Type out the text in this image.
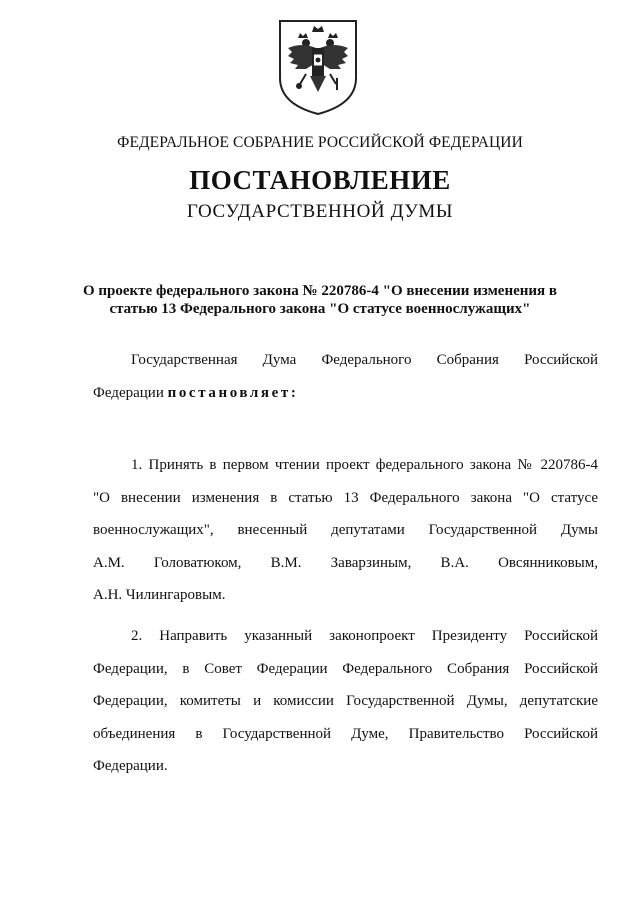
ФЕДЕРАЛЬНОЕ СОБРАНИЕ РОССИЙСКОЙ ФЕДЕРАЦИИ
ПОСТАНОВЛЕНИЕ
ГОСУДАРСТВЕННОЙ ДУМЫ
О проекте федерального закона № 220786-4 "О внесении изменения в
статью 13 Федерального закона "О статусе военнослужащих"
Государственная Дума Федерального Собрания Российской
Федерации постановляет:
1. Принять в первом чтении проект федерального закона № 220786-4
"О внесении изменения в статью 13 Федерального закона "О статусе
военнослужащих", внесенный депутатами Государственной Думы
А.М. Головатюком, В.М. Заварзиным, В.А. Овсянниковым,
А.Н. Чилингаровым.
2. Направить указанный законопроект Президенту Российской
Федерации, в Совет Федерации Федерального Собрания Российской
Федерации, комитеты и комиссии Государственной Думы, депутатские
объединения в Государственной Думе, Правительство Российской
Федерации.
